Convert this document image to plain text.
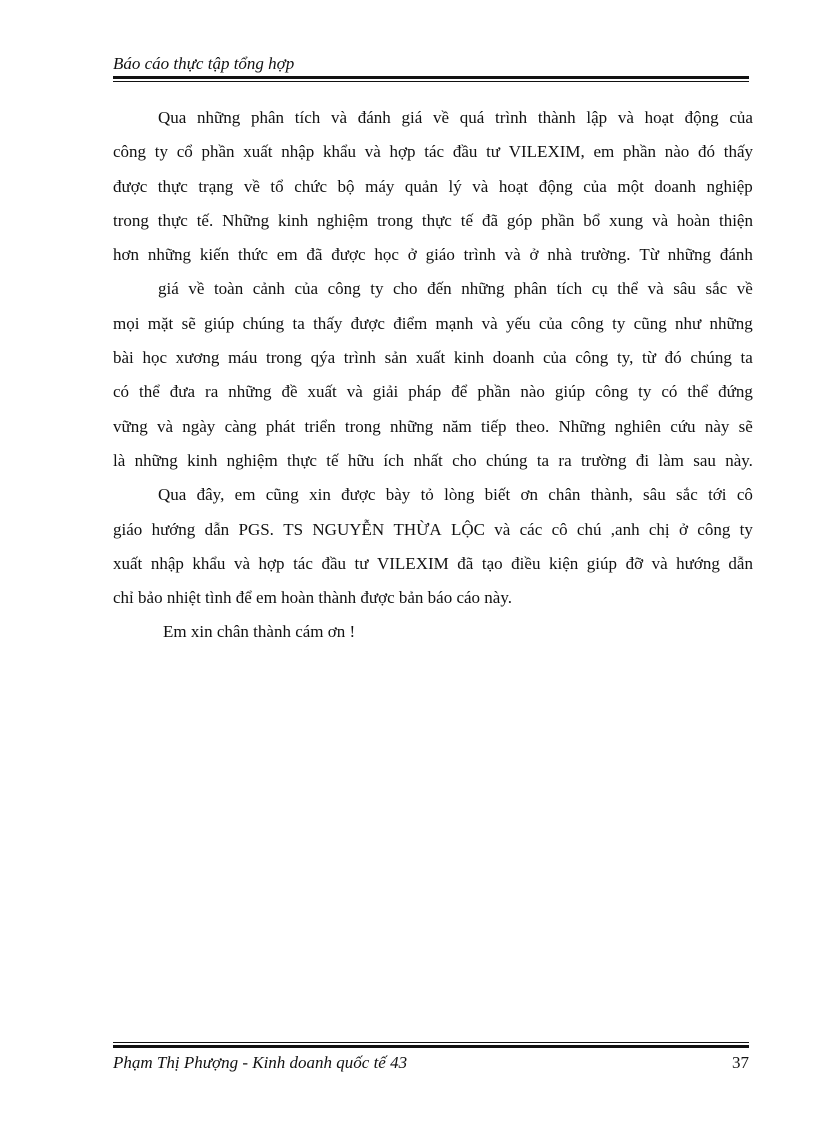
Báo cáo thực tập tổng hợp
Qua những phân tích và đánh giá về quá trình thành lập và hoạt động của
công ty cổ phần xuất nhập khẩu và hợp tác đầu tư VILEXIM, em phần nào đó thấy
được thực trạng về tổ chức bộ máy quản lý và hoạt động của một doanh nghiệp
trong thực tế. Những kinh nghiệm trong thực tế đã góp phần bổ xung và hoàn thiện
hơn những kiến thức em đã được học ở giáo trình và ở nhà trường. Từ những đánh
giá về toàn cảnh của công ty cho đến những phân tích cụ thể và sâu sắc về
mọi mặt sẽ giúp chúng ta thấy được điểm mạnh và yếu của công ty cũng như những
bài học xương máu trong qýa trình sản xuất kinh doanh của công ty, từ đó chúng ta
có thể đưa ra những đề xuất và giải pháp để phần nào giúp công ty có thể đứng
vững và ngày càng phát triển trong những năm tiếp theo. Những nghiên cứu này sẽ
là những kinh nghiệm thực tế hữu ích nhất cho chúng ta ra trường đi làm sau này.
Qua đây, em cũng xin được bày tỏ lòng biết ơn chân thành, sâu sắc tới cô
giáo hướng dẫn PGS. TS NGUYỄN THỪA LỘC và các cô chú ,anh chị ở công ty
xuất nhập khẩu và hợp tác đầu tư VILEXIM đã tạo điều kiện giúp đỡ và hướng dẫn
chỉ bảo nhiệt tình để em hoàn thành được bản báo cáo này.
Em xin chân thành cám ơn !
Phạm Thị Phượng - Kinh doanh quốc tế 43	37
